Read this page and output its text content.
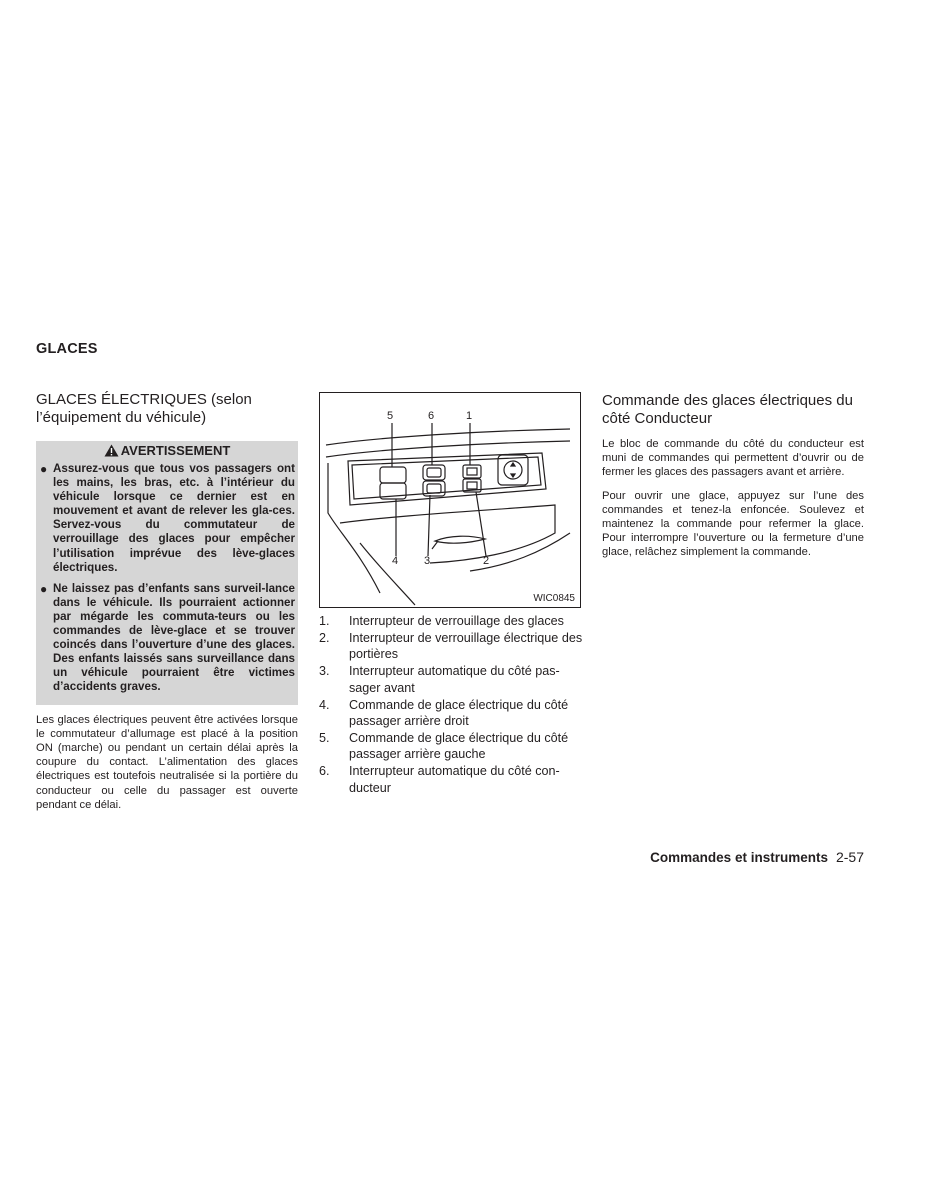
GLACES
GLACES ÉLECTRIQUES (selon l’équipement du véhicule)
AVERTISSEMENT
● Assurez-vous que tous vos passagers ont les mains, les bras, etc. à l’intérieur du véhicule lorsque ce dernier est en mouvement et avant de relever les gla-ces. Servez-vous du commutateur de verrouillage des glaces pour empêcher l’utilisation imprévue des lève-glaces électriques.
● Ne laissez pas d’enfants sans surveil-lance dans le véhicule. Ils pourraient actionner par mégarde les commuta-teurs ou les commandes de lève-glace et se trouver coincés dans l’ouverture d’une des glaces. Des enfants laissés sans surveillance dans un véhicule pourraient être victimes d’accidents graves.
Les glaces électriques peuvent être activées lorsque le commutateur d’allumage est placé à la position ON (marche) ou pendant un certain délai après la coupure du contact. L’alimentation des glaces électriques est toutefois neutralisée si la portière du conducteur ou celle du passager est ouverte pendant ce délai.
5	6	1
4 3	2
WIC0845
1. Interrupteur de verrouillage des glaces
2. Interrupteur de verrouillage électrique des portières
3. Interrupteur automatique du côté pas-sager avant
4. Commande de glace électrique du côté passager arrière droit
5. Commande de glace électrique du côté passager arrière gauche
6. Interrupteur automatique du côté con-ducteur
Commande des glaces électriques du côté Conducteur

Le bloc de commande du côté du conducteur est muni de commandes qui permettent d’ouvrir ou de fermer les glaces des passagers avant et arrière.

Pour ouvrir une glace, appuyez sur l’une des commandes et tenez-la enfoncée. Soulevez et maintenez la commande pour refermer la glace. Pour interrompre l’ouverture ou la fermeture d’une glace, relâchez simplement la commande.

Commandes et instruments 2-57
